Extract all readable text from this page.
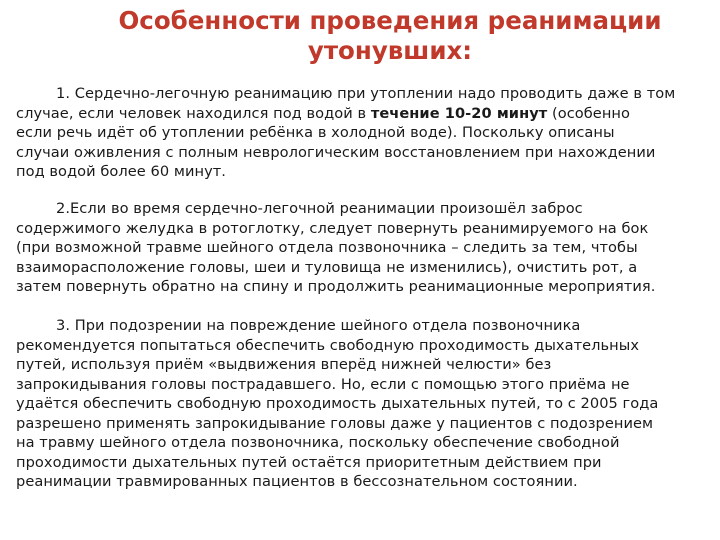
Особенности проведения реанимации
утонувших:

1. Сердечно-легочную реанимацию при утоплении надо проводить даже в том
случае, если человек находился под водой в течение 10-20 минут (особенно
если речь идёт об утоплении ребёнка в холодной воде). Поскольку описаны
случаи оживления с полным неврологическим восстановлением при нахождении
под водой более 60 минут.

2.Если во время сердечно-легочной реанимации произошёл заброс
содержимого желудка в ротоглотку, следует повернуть реанимируемого на бок
(при возможной травме шейного отдела позвоночника – следить за тем, чтобы
взаиморасположение головы, шеи и туловища не изменились), очистить рот, а
затем повернуть обратно на спину и продолжить реанимационные мероприятия.

3. При подозрении на повреждение шейного отдела позвоночника
рекомендуется попытаться обеспечить свободную проходимость дыхательных
путей, используя приём «выдвижения вперёд нижней челюсти» без
запрокидывания головы пострадавшего. Но, если с помощью этого приёма не
удаётся обеспечить свободную проходимость дыхательных путей, то с 2005 года
разрешено применять запрокидывание головы даже у пациентов с подозрением
на травму шейного отдела позвоночника, поскольку обеспечение свободной
проходимости дыхательных путей остаётся приоритетным действием при
реанимации травмированных пациентов в бессознательном состоянии.
